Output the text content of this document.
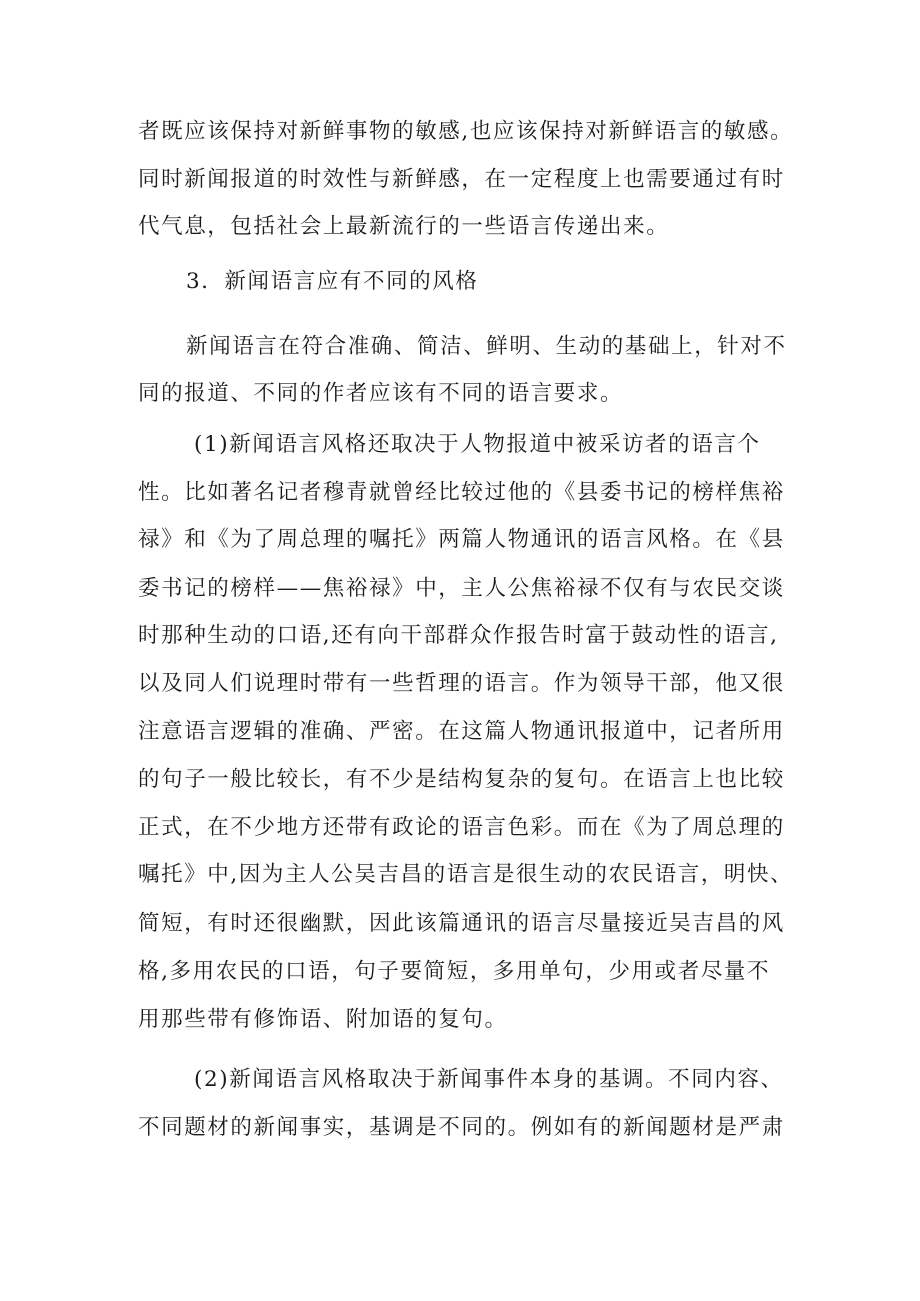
者既应该保持对新鲜事物的敏感,也应该保持对新鲜语言的敏感。
同时新闻报道的时效性与新鲜感，在一定程度上也需要通过有时
代气息，包括社会上最新流行的一些语言传递出来。
3．新闻语言应有不同的风格
新闻语言在符合准确、简洁、鲜明、生动的基础上，针对不
同的报道、不同的作者应该有不同的语言要求。
(1)新闻语言风格还取决于人物报道中被采访者的语言个
性。比如著名记者穆青就曾经比较过他的《县委书记的榜样焦裕
禄》和《为了周总理的嘱托》两篇人物通讯的语言风格。在《县
委书记的榜样——焦裕禄》中，主人公焦裕禄不仅有与农民交谈
时那种生动的口语,还有向干部群众作报告时富于鼓动性的语言,
以及同人们说理时带有一些哲理的语言。作为领导干部，他又很
注意语言逻辑的准确、严密。在这篇人物通讯报道中，记者所用
的句子一般比较长，有不少是结构复杂的复句。在语言上也比较
正式，在不少地方还带有政论的语言色彩。而在《为了周总理的
嘱托》中,因为主人公吴吉昌的语言是很生动的农民语言，明快、
简短，有时还很幽默，因此该篇通讯的语言尽量接近吴吉昌的风
格,多用农民的口语，句子要简短，多用单句，少用或者尽量不
用那些带有修饰语、附加语的复句。
(2)新闻语言风格取决于新闻事件本身的基调。不同内容、
不同题材的新闻事实，基调是不同的。例如有的新闻题材是严肃
